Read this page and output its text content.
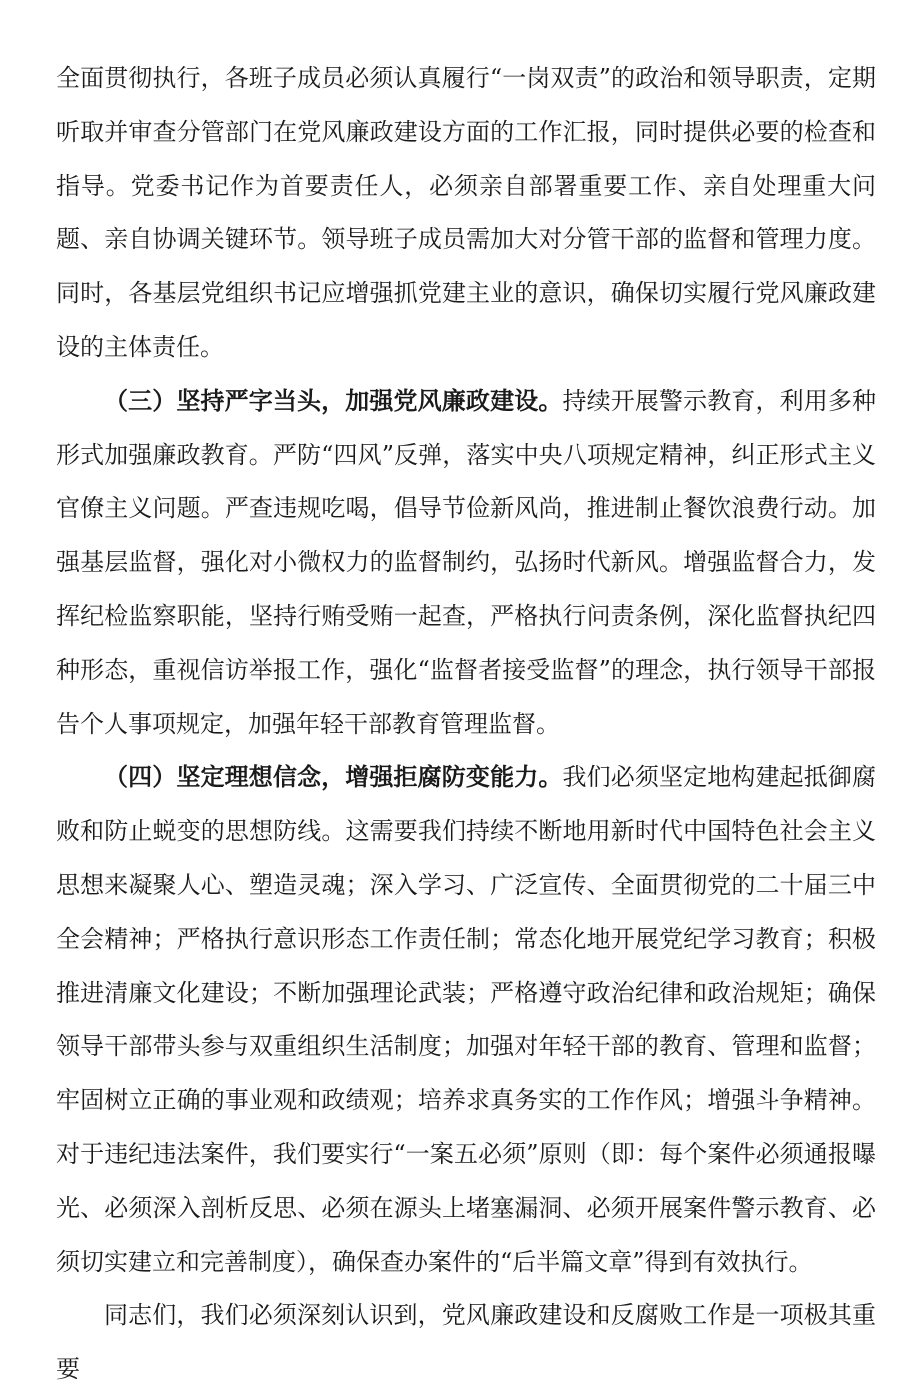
全面贯彻执行，各班子成员必须认真履行“一岗双责”的政治和领导职责，定期听取并审查分管部门在党风廉政建设方面的工作汇报，同时提供必要的检查和指导。党委书记作为首要责任人，必须亲自部署重要工作、亲自处理重大问题、亲自协调关键环节。领导班子成员需加大对分管干部的监督和管理力度。同时，各基层党组织书记应增强抓党建主业的意识，确保切实履行党风廉政建设的主体责任。

（三）坚持严字当头，加强党风廉政建设。持续开展警示教育，利用多种形式加强廉政教育。严防“四风”反弹，落实中央八项规定精神，纠正形式主义官僚主义问题。严查违规吃喝，倡导节俭新风尚，推进制止餐饮浪费行动。加强基层监督，强化对小微权力的监督制约，弘扬时代新风。增强监督合力，发挥纪检监察职能，坚持行贿受贿一起查，严格执行问责条例，深化监督执纪四种形态，重视信访举报工作，强化“监督者接受监督”的理念，执行领导干部报告个人事项规定，加强年轻干部教育管理监督。

（四）坚定理想信念，增强拒腐防变能力。我们必须坚定地构建起抵御腐败和防止蜕变的思想防线。这需要我们持续不断地用新时代中国特色社会主义思想来凝聚人心、塑造灵魂；深入学习、广泛宣传、全面贯彻党的二十届三中全会精神；严格执行意识形态工作责任制；常态化地开展党纪学习教育；积极推进清廉文化建设；不断加强理论武装；严格遵守政治纪律和政治规矩；确保领导干部带头参与双重组织生活制度；加强对年轻干部的教育、管理和监督；牢固树立正确的事业观和政绩观；培养求真务实的工作作风；增强斗争精神。对于违纪违法案件，我们要实行“一案五必须”原则（即：每个案件必须通报曝光、必须深入剖析反思、必须在源头上堵塞漏洞、必须开展案件警示教育、必须切实建立和完善制度），确保查办案件的“后半篇文章”得到有效执行。

同志们，我们必须深刻认识到，党风廉政建设和反腐败工作是一项极其重要
